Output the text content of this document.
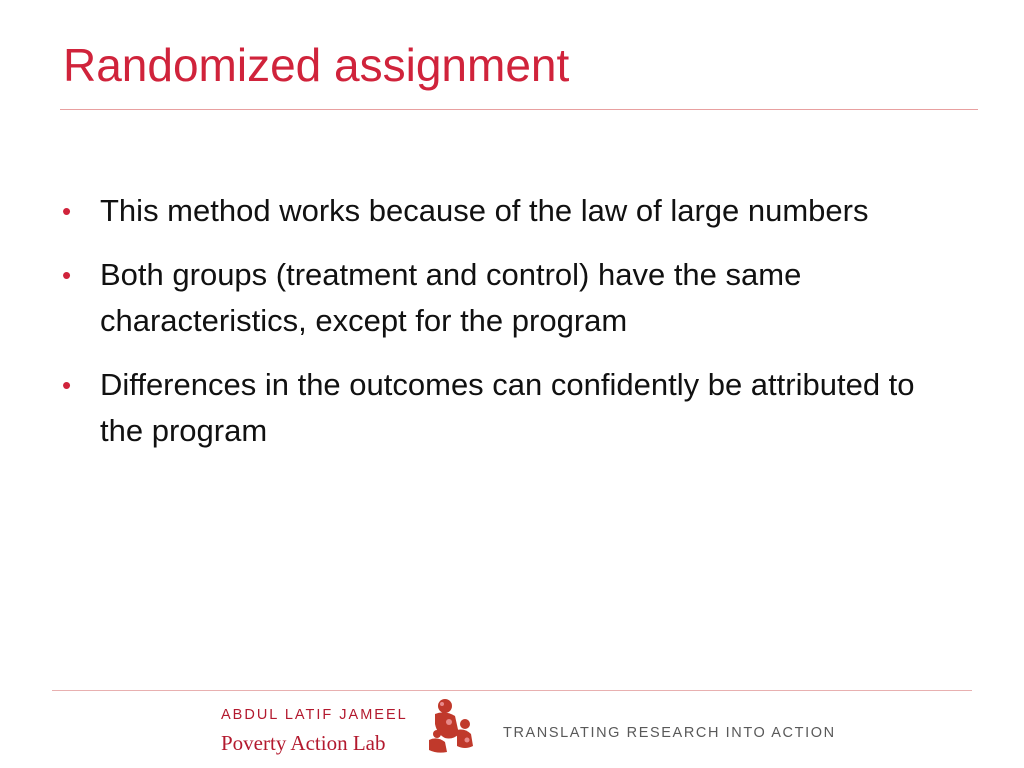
Randomized assignment
• This method works because of the law of large numbers
• Both groups (treatment and control) have the same characteristics, except for the program
• Differences in the outcomes can confidently be attributed to the program
ABDUL LATIF JAMEEL
Poverty Action Lab	TRANSLATING RESEARCH INTO ACTION
